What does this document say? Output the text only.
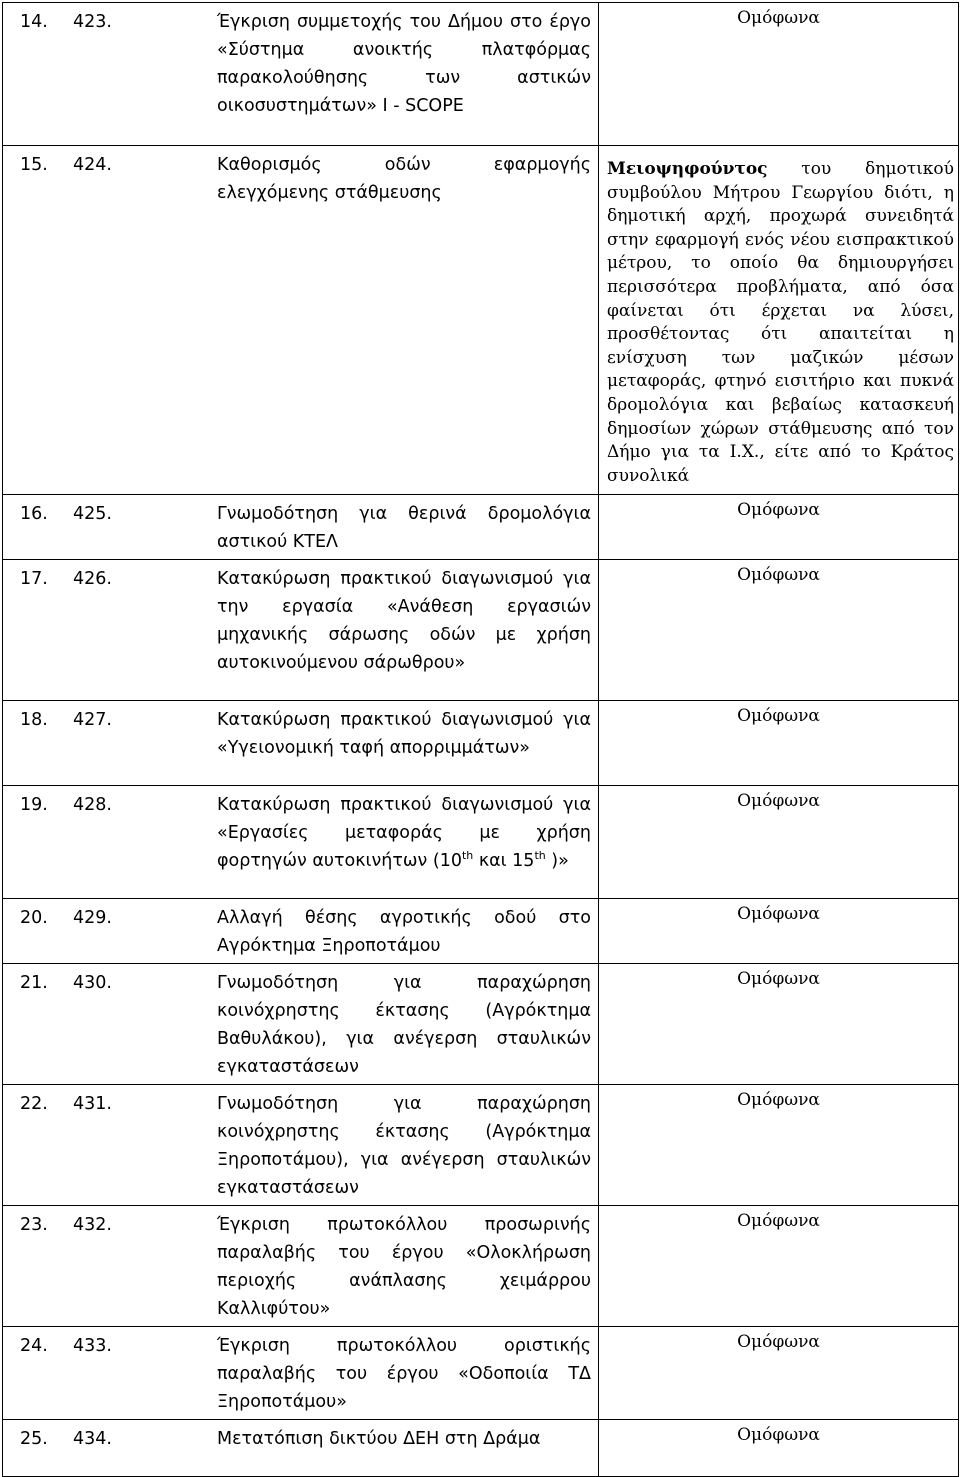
14. 423. Έγκριση συμμετοχής του Δήμου στο έργο «Σύστημα ανοικτής πλατφόρμας παρακολούθησης των αστικών οικοσυστημάτων» I - SCOPE	Ομόφωνα

15. 424. Καθορισμός οδών εφαρμογής ελεγχόμενης στάθμευσης	Μειοψηφούντος του δημοτικού συμβούλου Μήτρου Γεωργίου διότι, η δημοτική αρχή, προχωρά συνειδητά στην εφαρμογή ενός νέου εισπρακτικού μέτρου, το οποίο θα δημιουργήσει περισσότερα προβλήματα, από όσα φαίνεται ότι έρχεται να λύσει, προσθέτοντας ότι απαιτείται η ενίσχυση των μαζικών μέσων μεταφοράς, φτηνό εισιτήριο και πυκνά δρομολόγια και βεβαίως κατασκευή δημοσίων χώρων στάθμευσης από τον Δήμο για τα Ι.Χ., είτε από το Κράτος συνολικά

16. 425. Γνωμοδότηση για θερινά δρομολόγια αστικού ΚΤΕΛ	Ομόφωνα

17. 426. Κατακύρωση πρακτικού διαγωνισμού για την εργασία «Ανάθεση εργασιών μηχανικής σάρωσης οδών με χρήση αυτοκινούμενου σάρωθρου»	Ομόφωνα

18. 427. Κατακύρωση πρακτικού διαγωνισμού για «Υγειονομική ταφή απορριμμάτων»	Ομόφωνα

19. 428. Κατακύρωση πρακτικού διαγωνισμού για «Εργασίες μεταφοράς με χρήση φορτηγών αυτοκινήτων (10th και 15th )»	Ομόφωνα

20. 429. Αλλαγή θέσης αγροτικής οδού στο Αγρόκτημα Ξηροποτάμου	Ομόφωνα

21. 430. Γνωμοδότηση για παραχώρηση κοινόχρηστης έκτασης (Αγρόκτημα Βαθυλάκου), για ανέγερση σταυλικών εγκαταστάσεων	Ομόφωνα

22. 431. Γνωμοδότηση για παραχώρηση κοινόχρηστης έκτασης (Αγρόκτημα Ξηροποτάμου), για ανέγερση σταυλικών εγκαταστάσεων	Ομόφωνα

23. 432. Έγκριση πρωτοκόλλου προσωρινής παραλαβής του έργου «Ολοκλήρωση περιοχής ανάπλασης χειμάρρου Καλλιφύτου»	Ομόφωνα

24. 433. Έγκριση πρωτοκόλλου οριστικής παραλαβής του έργου «Οδοποιία ΤΔ Ξηροποτάμου»	Ομόφωνα

25. 434. Μετατόπιση δικτύου ΔΕΗ στη Δράμα	Ομόφωνα
